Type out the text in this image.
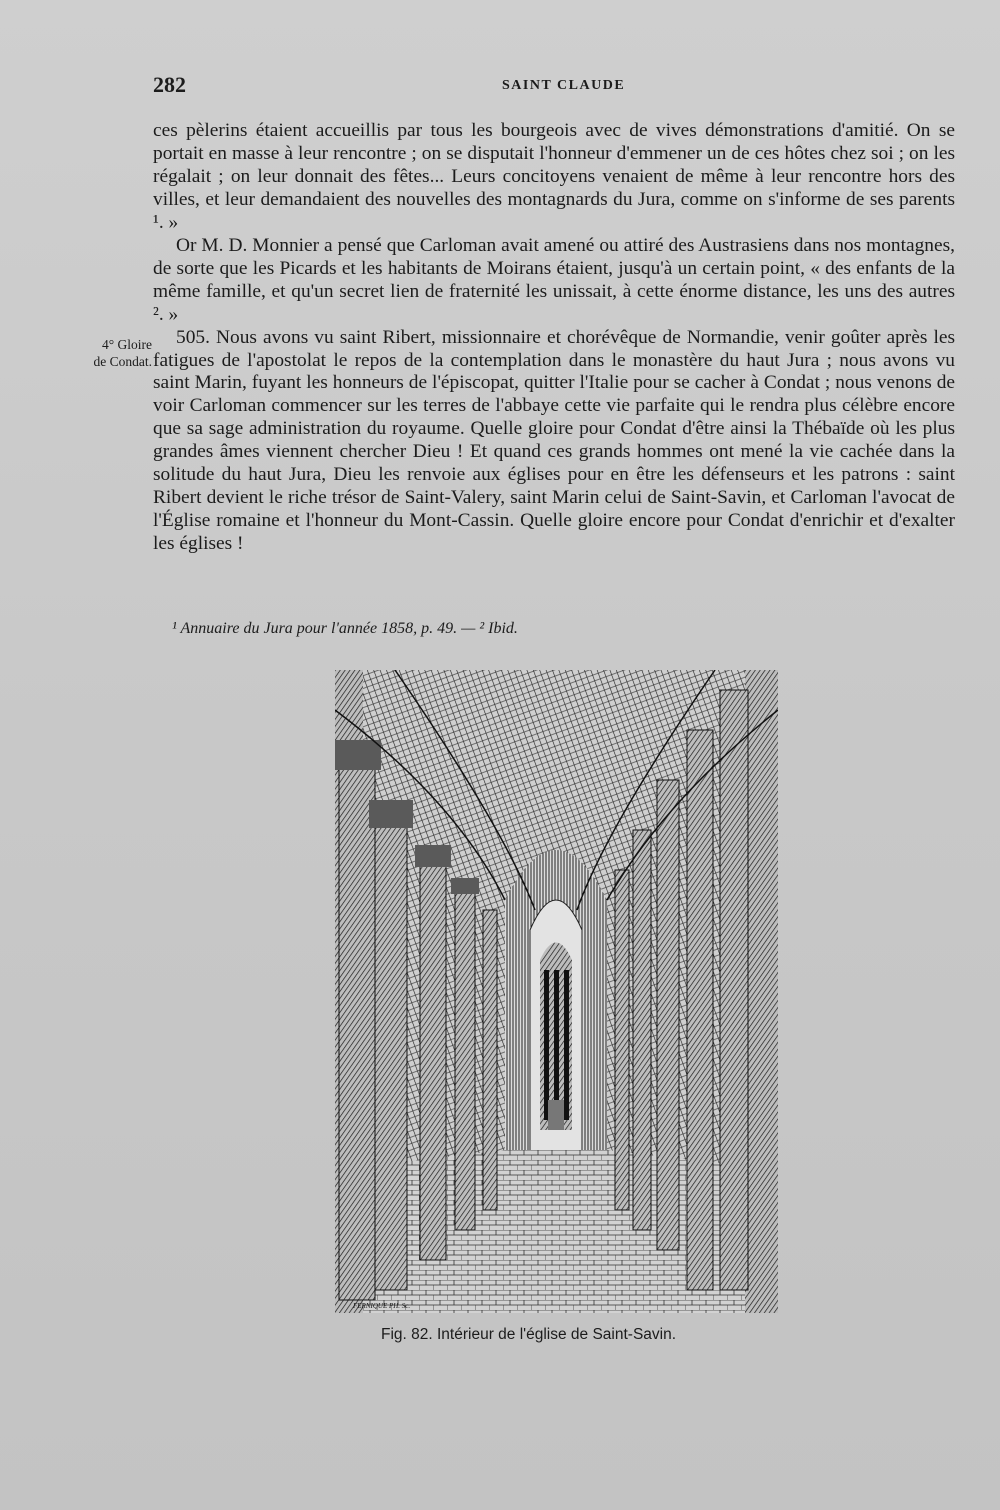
282	SAINT CLAUDE
4° Gloire
de Condat.

ces pèlerins étaient accueillis par tous les bourgeois avec de vives démonstrations d'amitié. On se portait en masse à leur rencontre ; on se disputait l'honneur d'emmener un de ces hôtes chez soi ; on les régalait ; on leur donnait des fêtes... Leurs concitoyens venaient de même à leur rencontre hors des villes, et leur demandaient des nouvelles des montagnards du Jura, comme on s'informe de ses parents ¹. »

Or M. D. Monnier a pensé que Carloman avait amené ou attiré des Austrasiens dans nos montagnes, de sorte que les Picards et les habitants de Moirans étaient, jusqu'à un certain point, « des enfants de la même famille, et qu'un secret lien de fraternité les unissait, à cette énorme distance, les uns des autres ². »

505. Nous avons vu saint Ribert, missionnaire et chorévêque de Normandie, venir goûter après les fatigues de l'apostolat le repos de la contemplation dans le monastère du haut Jura ; nous avons vu saint Marin, fuyant les honneurs de l'épiscopat, quitter l'Italie pour se cacher à Condat ; nous venons de voir Carloman commencer sur les terres de l'abbaye cette vie parfaite qui le rendra plus célèbre encore que sa sage administration du royaume. Quelle gloire pour Condat d'être ainsi la Thébaïde où les plus grandes âmes viennent chercher Dieu ! Et quand ces grands hommes ont mené la vie cachée dans la solitude du haut Jura, Dieu les renvoie aux églises pour en être les défenseurs et les patrons : saint Ribert devient le riche trésor de Saint-Valery, saint Marin celui de Saint-Savin, et Carloman l'avocat de l'Église romaine et l'honneur du Mont-Cassin. Quelle gloire encore pour Condat d'enrichir et d'exalter les églises !

¹ Annuaire du Jura pour l'année 1858, p. 49. — ² Ibid.
FERNIQUE PH. Sc.
Fig. 82. Intérieur de l'église de Saint-Savin.
